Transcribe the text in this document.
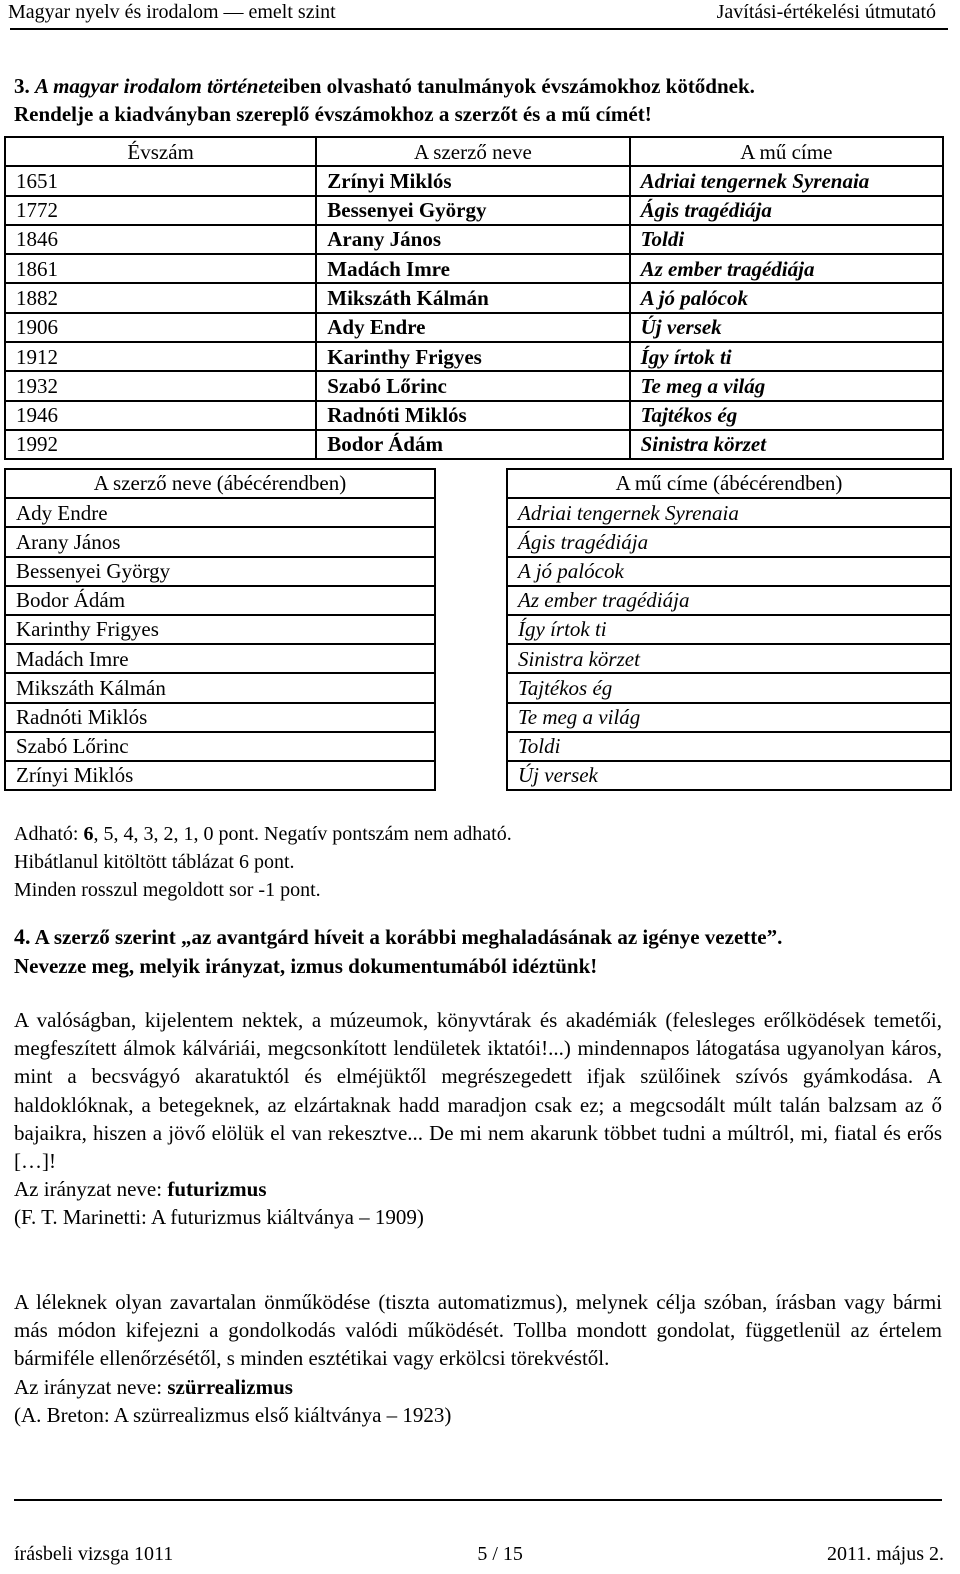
Magyar nyelv és irodalom — emelt szint	Javítási-értékelési útmutató
3. A magyar irodalom történeteiben olvasható tanulmányok évszámokhoz kötődnek.
Rendelje a kiadványban szereplő évszámokhoz a szerzőt és a mű címét!
Évszám	A szerző neve	A mű címe
1651	Zrínyi Miklós	Adriai tengernek Syrenaia
1772	Bessenyei György	Ágis tragédiája
1846	Arany János	Toldi
1861	Madách Imre	Az ember tragédiája
1882	Mikszáth Kálmán	A jó palócok
1906	Ady Endre	Új versek
1912	Karinthy Frigyes	Így írtok ti
1932	Szabó Lőrinc	Te meg a világ
1946	Radnóti Miklós	Tajtékos ég
1992	Bodor Ádám	Sinistra körzet
A szerző neve (ábécérendben)
Ady Endre
Arany János
Bessenyei György
Bodor Ádám
Karinthy Frigyes
Madách Imre
Mikszáth Kálmán
Radnóti Miklós
Szabó Lőrinc
Zrínyi Miklós
A mű címe (ábécérendben)
Adriai tengernek Syrenaia
Ágis tragédiája
A jó palócok
Az ember tragédiája
Így írtok ti
Sinistra körzet
Tajtékos ég
Te meg a világ
Toldi
Új versek
Adható: 6, 5, 4, 3, 2, 1, 0 pont. Negatív pontszám nem adható.
Hibátlanul kitöltött táblázat 6 pont.
Minden rosszul megoldott sor -1 pont.
4. A szerző szerint „az avantgárd híveit a korábbi meghaladásának az igénye vezette”.
Nevezze meg, melyik irányzat, izmus dokumentumából idéztünk!
A valóságban, kijelentem nektek, a múzeumok, könyvtárak és akadémiák (felesleges erőlködések temetői, megfeszített álmok kálváriái, megcsonkított lendületek iktatói!...) mindennapos látogatása ugyanolyan káros, mint a becsvágyó akaratuktól és elméjüktől megrészegedett ifjak szülőinek szívós gyámkodása. A haldoklóknak, a betegeknek, az elzártaknak hadd maradjon csak ez; a megcsodált múlt talán balzsam az ő bajaikra, hiszen a jövő elölük el van rekesztve... De mi nem akarunk többet tudni a múltról, mi, fiatal és erős […]!
Az irányzat neve: futurizmus
(F. T. Marinetti: A futurizmus kiáltványa – 1909)
A léleknek olyan zavartalan önműködése (tiszta automatizmus), melynek célja szóban, írásban vagy bármi más módon kifejezni a gondolkodás valódi működését. Tollba mondott gondolat, függetlenül az értelem bármiféle ellenőrzésétől, s minden esztétikai vagy erkölcsi törekvéstől.
Az irányzat neve: szürrealizmus
(A. Breton: A szürrealizmus első kiáltványa – 1923)
írásbeli vizsga 1011	5 / 15	2011. május 2.
